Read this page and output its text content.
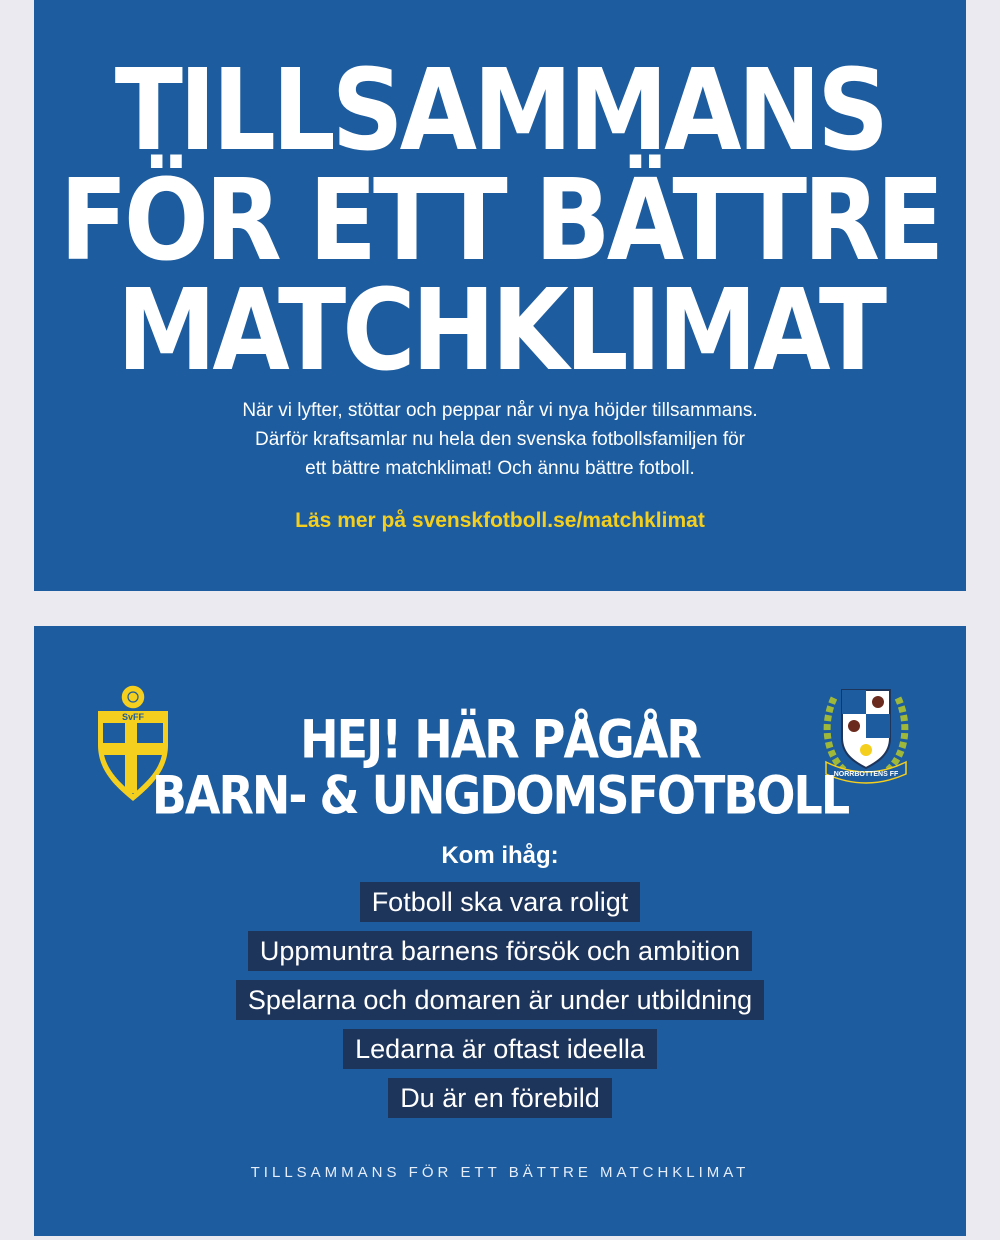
TILLSAMMANS
FÖR ETT BÄTTRE
MATCHKLIMAT

När vi lyfter, stöttar och peppar når vi nya höjder tillsammans.
Därför kraftsamlar nu hela den svenska fotbollsfamiljen för
ett bättre matchklimat! Och ännu bättre fotboll.

Läs mer på svenskfotboll.se/matchklimat
SvFF
NORRBOTTENS FF
HEJ! HÄR PÅGÅR
BARN- & UNGDOMSFOTBOLL
Kom ihåg:
Fotboll ska vara roligt
Uppmuntra barnens försök och ambition
Spelarna och domaren är under utbildning
Ledarna är oftast ideella
Du är en förebild
TILLSAMMANS FÖR ETT BÄTTRE MATCHKLIMAT
